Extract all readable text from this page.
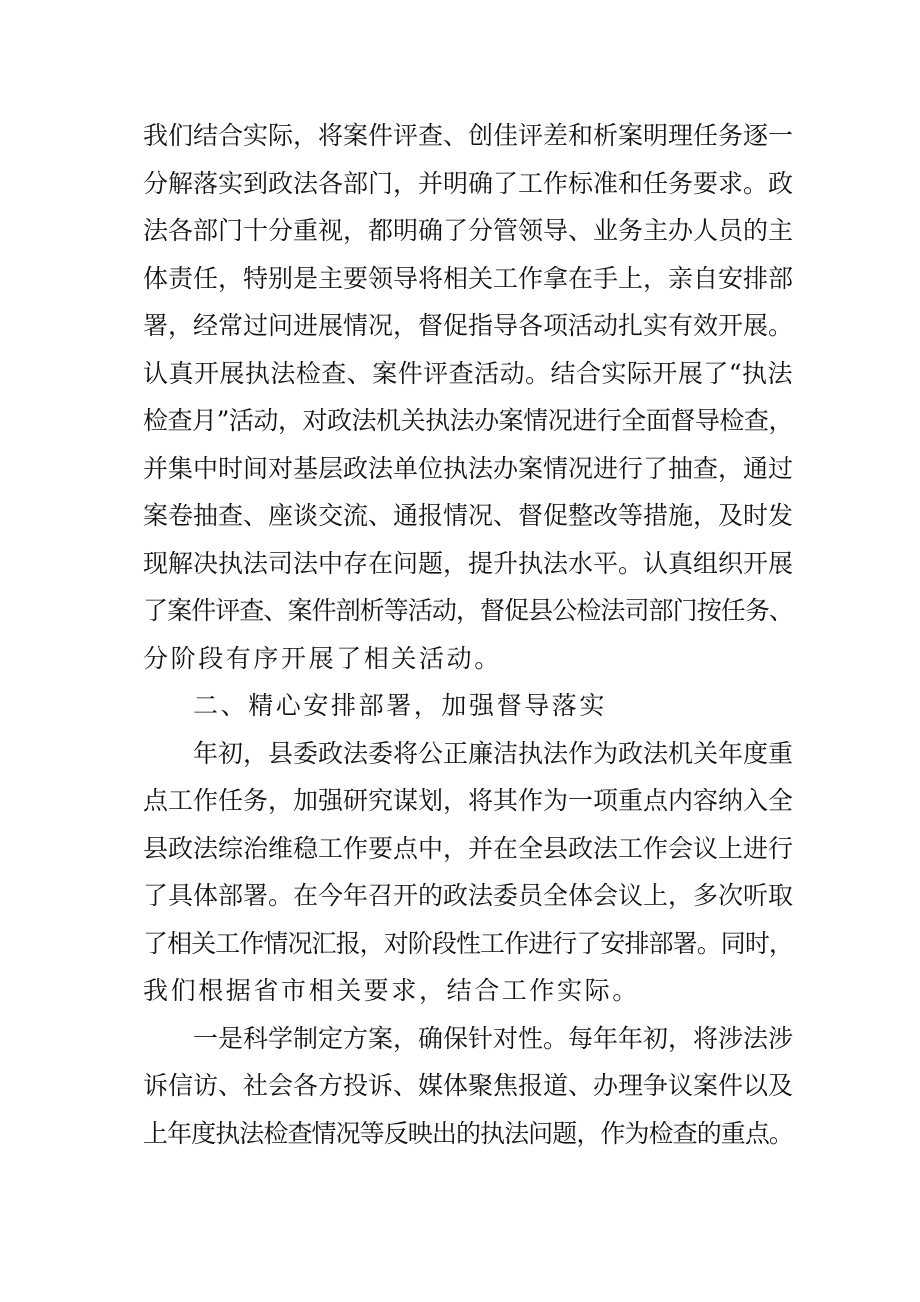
我们结合实际，将案件评查、创佳评差和析案明理任务逐一
分解落实到政法各部门，并明确了工作标准和任务要求。政
法各部门十分重视，都明确了分管领导、业务主办人员的主
体责任，特别是主要领导将相关工作拿在手上，亲自安排部
署，经常过问进展情况，督促指导各项活动扎实有效开展。
认真开展执法检查、案件评查活动。结合实际开展了“执法
检查月”活动，对政法机关执法办案情况进行全面督导检查，
并集中时间对基层政法单位执法办案情况进行了抽查，通过
案卷抽查、座谈交流、通报情况、督促整改等措施，及时发
现解决执法司法中存在问题，提升执法水平。认真组织开展
了案件评查、案件剖析等活动，督促县公检法司部门按任务、
分阶段有序开展了相关活动。
二、精心安排部署，加强督导落实
年初，县委政法委将公正廉洁执法作为政法机关年度重
点工作任务，加强研究谋划，将其作为一项重点内容纳入全
县政法综治维稳工作要点中，并在全县政法工作会议上进行
了具体部署。在今年召开的政法委员全体会议上，多次听取
了相关工作情况汇报，对阶段性工作进行了安排部署。同时，
我们根据省市相关要求，结合工作实际。
一是科学制定方案，确保针对性。每年年初，将涉法涉
诉信访、社会各方投诉、媒体聚焦报道、办理争议案件以及
上年度执法检查情况等反映出的执法问题，作为检查的重点。
